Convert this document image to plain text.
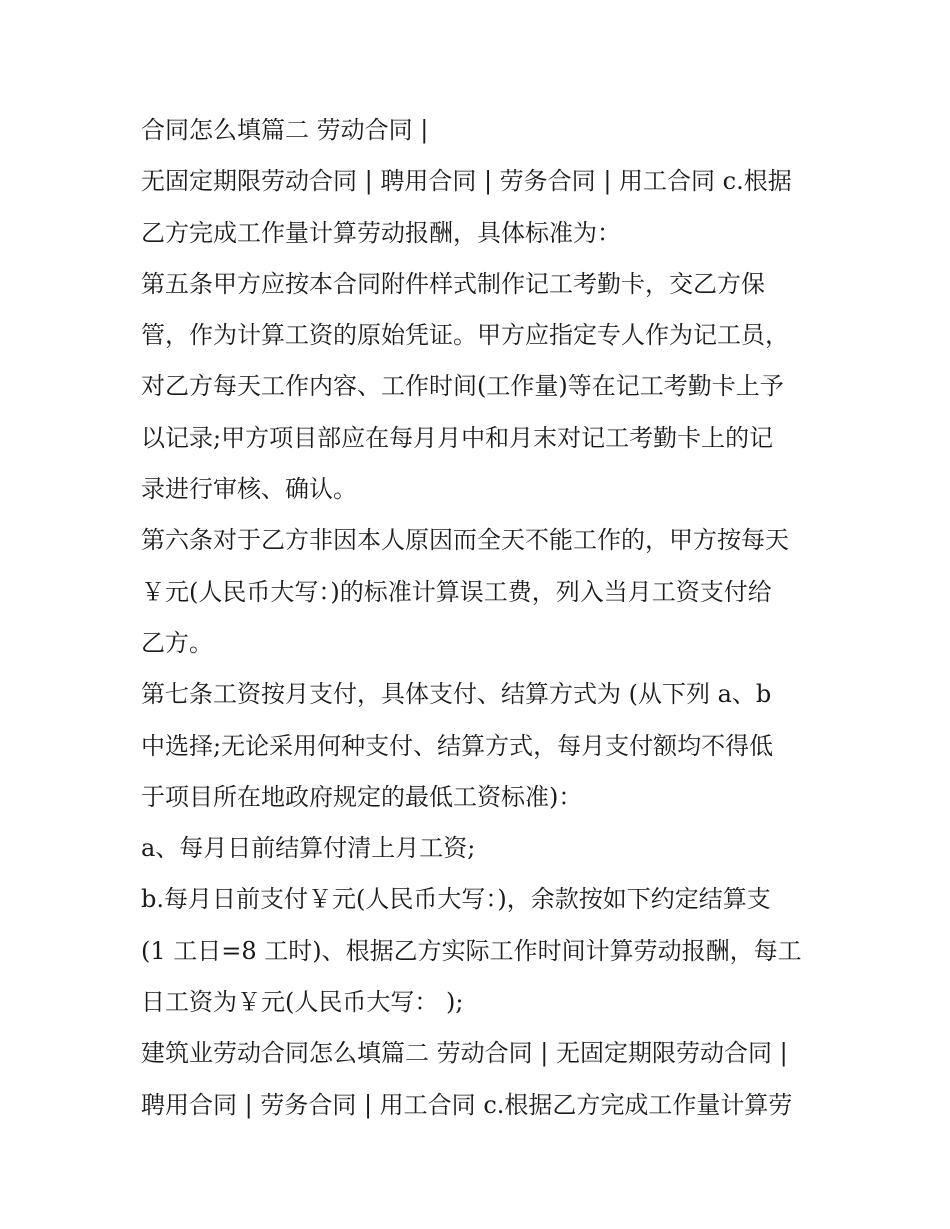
合同怎么填篇二 劳动合同 |
无固定期限劳动合同 | 聘用合同 | 劳务合同 | 用工合同 c.根据
乙方完成工作量计算劳动报酬，具体标准为：
第五条甲方应按本合同附件样式制作记工考勤卡，交乙方保
管，作为计算工资的原始凭证。甲方应指定专人作为记工员，
对乙方每天工作内容、工作时间(工作量)等在记工考勤卡上予
以记录;甲方项目部应在每月月中和月末对记工考勤卡上的记
录进行审核、确认。
第六条对于乙方非因本人原因而全天不能工作的，甲方按每天
￥元(人民币大写：)的标准计算误工费，列入当月工资支付给
乙方。
第七条工资按月支付，具体支付、结算方式为 (从下列 a、b
中选择;无论采用何种支付、结算方式，每月支付额均不得低
于项目所在地政府规定的最低工资标准)：
a、每月日前结算付清上月工资;
b.每月日前支付￥元(人民币大写：)，余款按如下约定结算支
(1 工日=8 工时)、根据乙方实际工作时间计算劳动报酬，每工
日工资为￥元(人民币大写： );
建筑业劳动合同怎么填篇二 劳动合同 | 无固定期限劳动合同 |
聘用合同 | 劳务合同 | 用工合同 c.根据乙方完成工作量计算劳
